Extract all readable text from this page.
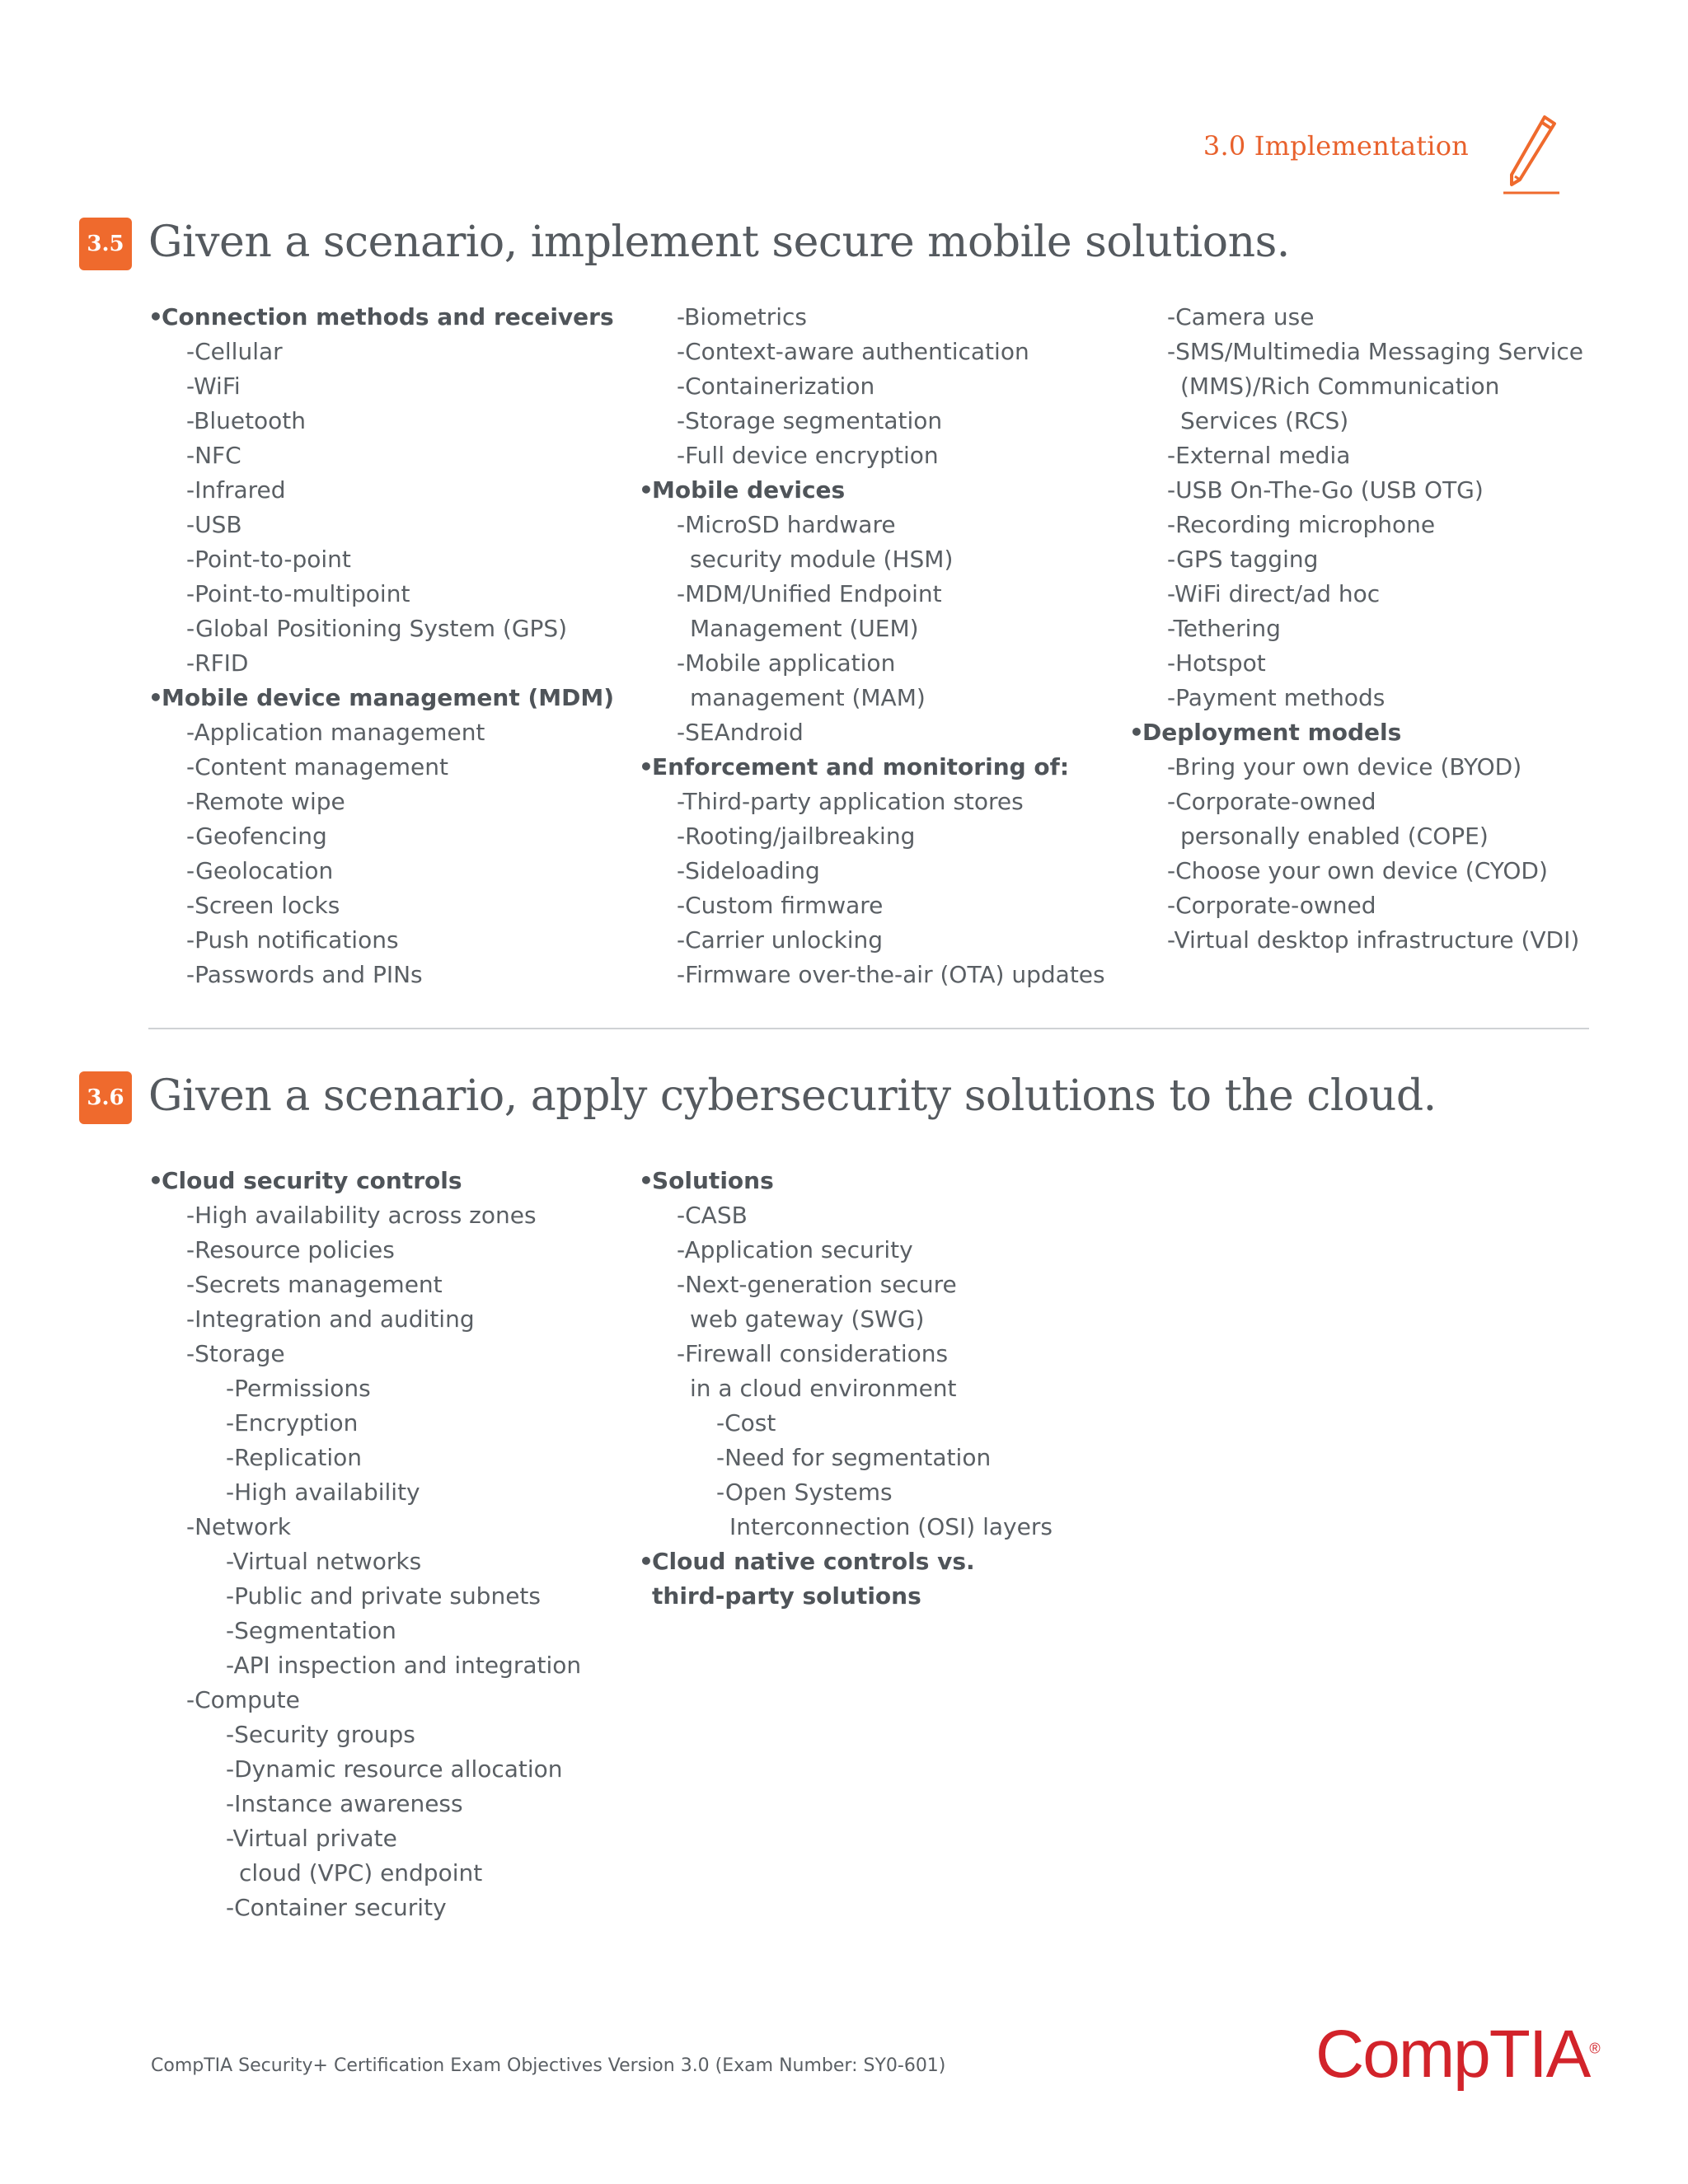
3.0 Implementation
3.5 Given a scenario, implement secure mobile solutions.
•Connection methods and receivers
-Cellular
-WiFi
-Bluetooth
-NFC
-Infrared
-USB
-Point-to-point
-Point-to-multipoint
-Global Positioning System (GPS)
-RFID
•Mobile device management (MDM)
-Application management
-Content management
-Remote wipe
-Geofencing
-Geolocation
-Screen locks
-Push notifications
-Passwords and PINs
-Biometrics
-Context-aware authentication
-Containerization
-Storage segmentation
-Full device encryption
•Mobile devices
-MicroSD hardware
security module (HSM)
-MDM/Unified Endpoint
Management (UEM)
-Mobile application
management (MAM)
-SEAndroid
•Enforcement and monitoring of:
-Third-party application stores
-Rooting/jailbreaking
-Sideloading
-Custom firmware
-Carrier unlocking
-Firmware over-the-air (OTA) updates
-Camera use
-SMS/Multimedia Messaging Service
(MMS)/Rich Communication
Services (RCS)
-External media
-USB On-The-Go (USB OTG)
-Recording microphone
-GPS tagging
-WiFi direct/ad hoc
-Tethering
-Hotspot
-Payment methods
•Deployment models
-Bring your own device (BYOD)
-Corporate-owned
personally enabled (COPE)
-Choose your own device (CYOD)
-Corporate-owned
-Virtual desktop infrastructure (VDI)
3.6 Given a scenario, apply cybersecurity solutions to the cloud.
•Cloud security controls
-High availability across zones
-Resource policies
-Secrets management
-Integration and auditing
-Storage
-Permissions
-Encryption
-Replication
-High availability
-Network
-Virtual networks
-Public and private subnets
-Segmentation
-API inspection and integration
-Compute
-Security groups
-Dynamic resource allocation
-Instance awareness
-Virtual private
cloud (VPC) endpoint
-Container security
•Solutions
-CASB
-Application security
-Next-generation secure
web gateway (SWG)
-Firewall considerations
in a cloud environment
-Cost
-Need for segmentation
-Open Systems
Interconnection (OSI) layers
•Cloud native controls vs.
third-party solutions
CompTIA Security+ Certification Exam Objectives Version 3.0 (Exam Number: SY0-601)	CompTIA®
